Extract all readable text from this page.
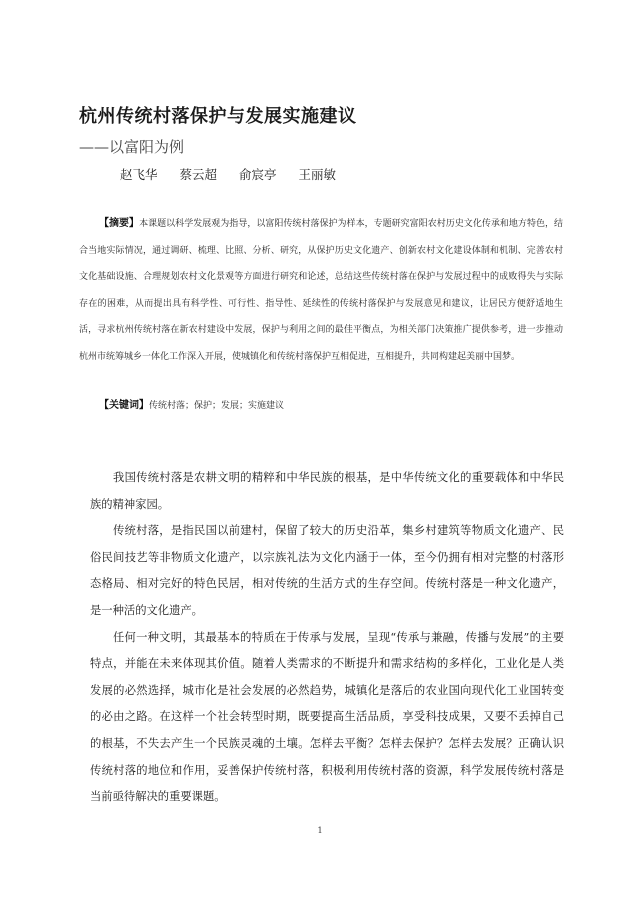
杭州传统村落保护与发展实施建议
——以富阳为例
赵飞华 蔡云超 俞宸亭 王丽敏

【摘要】本课题以科学发展观为指导，以富阳传统村落保护为样本，专题研究富阳农村历史文化传承和地方特色，结合当地实际情况，通过调研、梳理、比照、分析、研究，从保护历史文化遗产、创新农村文化建设体制和机制、完善农村文化基础设施、合理规划农村文化景观等方面进行研究和论述，总结这些传统村落在保护与发展过程中的成败得失与实际存在的困难，从而提出具有科学性、可行性、指导性、延续性的传统村落保护与发展意见和建议，让居民方便舒适地生活，寻求杭州传统村落在新农村建设中发展，保护与利用之间的最佳平衡点，为相关部门决策推广提供参考，进一步推动杭州市统筹城乡一体化工作深入开展，使城镇化和传统村落保护互相促进，互相提升，共同构建起美丽中国梦。

【关键词】传统村落；保护；发展；实施建议

我国传统村落是农耕文明的精粹和中华民族的根基，是中华传统文化的重要载体和中华民族的精神家园。

传统村落，是指民国以前建村，保留了较大的历史沿革，集乡村建筑等物质文化遗产、民俗民间技艺等非物质文化遗产，以宗族礼法为文化内涵于一体，至今仍拥有相对完整的村落形态格局、相对完好的特色民居，相对传统的生活方式的生存空间。传统村落是一种文化遗产，是一种活的文化遗产。

任何一种文明，其最基本的特质在于传承与发展，呈现“传承与兼融，传播与发展”的主要特点，并能在未来体现其价值。随着人类需求的不断提升和需求结构的多样化，工业化是人类发展的必然选择，城市化是社会发展的必然趋势，城镇化是落后的农业国向现代化工业国转变的必由之路。在这样一个社会转型时期，既要提高生活品质，享受科技成果，又要不丢掉自己的根基，不失去产生一个民族灵魂的土壤。怎样去平衡？怎样去保护？怎样去发展？正确认识传统村落的地位和作用，妥善保护传统村落，积极利用传统村落的资源，科学发展传统村落是当前亟待解决的重要课题。

1
